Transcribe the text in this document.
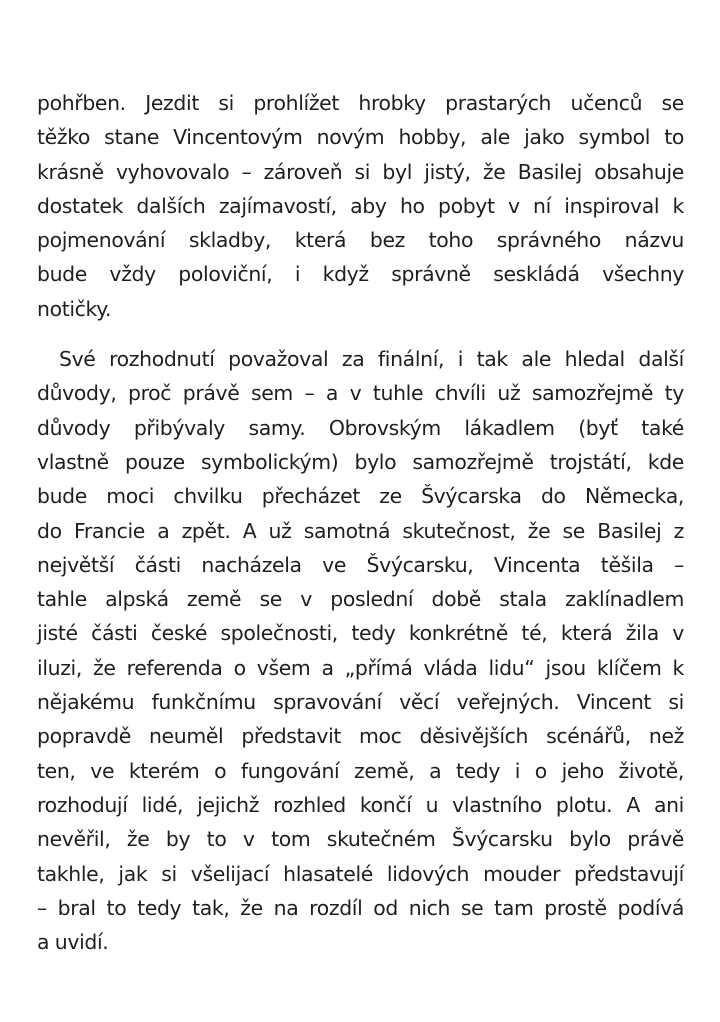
pohřben. Jezdit si prohlížet hrobky prastarých učenců se
těžko stane Vincentovým novým hobby, ale jako symbol to
krásně vyhovovalo – zároveň si byl jistý, že Basilej obsahuje
dostatek dalších zajímavostí, aby ho pobyt v ní inspiroval k
pojmenování skladby, která bez toho správného názvu
bude vždy poloviční, i když správně seskládá všechny
notičky.

Své rozhodnutí považoval za finální, i tak ale hledal další
důvody, proč právě sem – a v tuhle chvíli už samozřejmě ty
důvody přibývaly samy. Obrovským lákadlem (byť také
vlastně pouze symbolickým) bylo samozřejmě trojstátí, kde
bude moci chvilku přecházet ze Švýcarska do Německa,
do Francie a zpět. A už samotná skutečnost, že se Basilej z
největší části nacházela ve Švýcarsku, Vincenta těšila –
tahle alpská země se v poslední době stala zaklínadlem
jisté části české společnosti, tedy konkrétně té, která žila v
iluzi, že referenda o všem a „přímá vláda lidu“ jsou klíčem k
nějakému funkčnímu spravování věcí veřejných. Vincent si
popravdě neuměl představit moc děsivějších scénářů, než
ten, ve kterém o fungování země, a tedy i o jeho životě,
rozhodují lidé, jejichž rozhled končí u vlastního plotu. A ani
nevěřil, že by to v tom skutečném Švýcarsku bylo právě
takhle, jak si všelijací hlasatelé lidových mouder představují
– bral to tedy tak, že na rozdíl od nich se tam prostě podívá
a uvidí.
